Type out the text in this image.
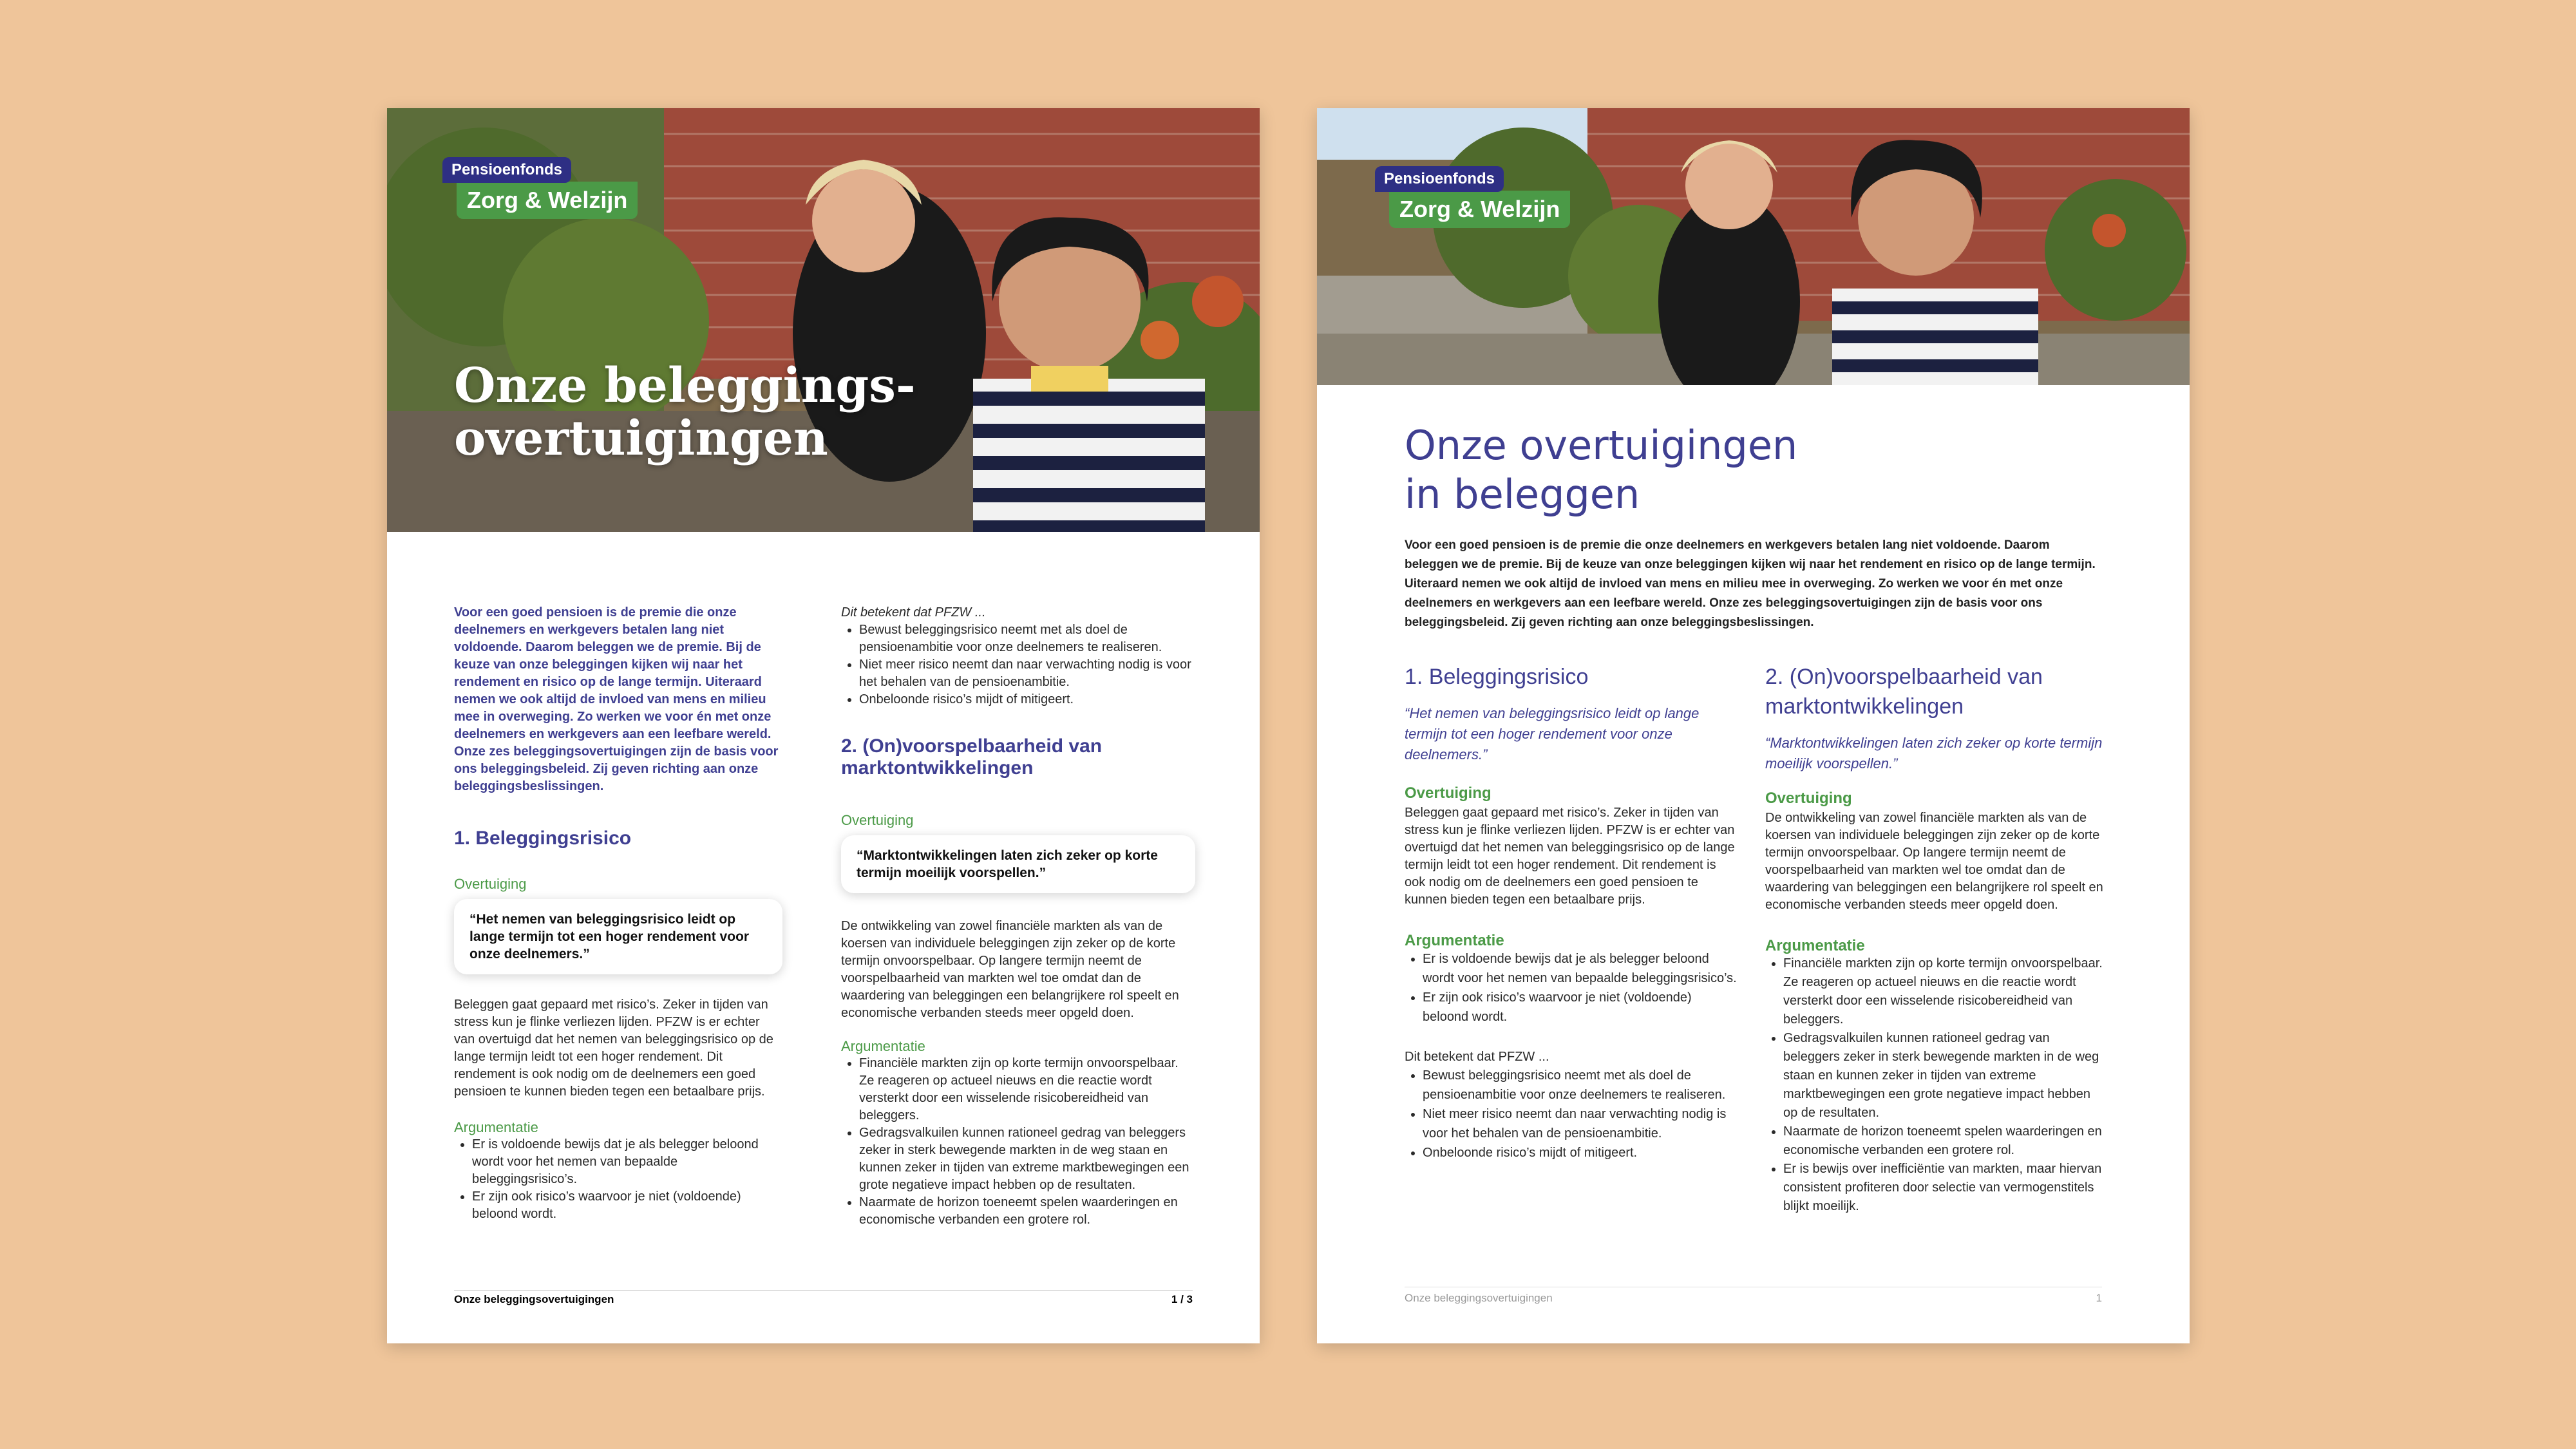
Onze beleggings-
overtuigingen
Pensioenfonds
Zorg & Welzijn
Voor een goed pensioen is de premie die onze deelnemers en werkgevers betalen lang niet voldoende. Daarom beleggen we de premie. Bij de keuze van onze beleggingen kijken wij naar het rendement en risico op de lange termijn. Uiteraard nemen we ook altijd de invloed van mens en milieu mee in overweging. Zo werken we voor én met onze deelnemers en werkgevers aan een leefbare wereld. Onze zes beleggingsovertuigingen zijn de basis voor ons beleggingsbeleid. Zij geven richting aan onze beleggingsbeslissingen.
1. Beleggingsrisico
Overtuiging
“Het nemen van beleggingsrisico leidt op lange termijn tot een hoger rendement voor onze deelnemers.”
Beleggen gaat gepaard met risico’s. Zeker in tijden van stress kun je flinke verliezen lijden. PFZW is er echter van overtuigd dat het nemen van beleggingsrisico op de lange termijn leidt tot een hoger rendement. Dit rendement is ook nodig om de deelnemers een goed pensioen te kunnen bieden tegen een betaalbare prijs.
Argumentatie
• Er is voldoende bewijs dat je als belegger beloond wordt voor het nemen van bepaalde beleggingsrisico’s.
• Er zijn ook risico’s waarvoor je niet (voldoende) beloond wordt.
Dit betekent dat PFZW ...
• Bewust beleggingsrisico neemt met als doel de pensioenambitie voor onze deelnemers te realiseren.
• Niet meer risico neemt dan naar verwachting nodig is voor het behalen van de pensioenambitie.
• Onbeloonde risico’s mijdt of mitigeert.
2. (On)voorspelbaarheid van
marktontwikkelingen
Overtuiging
“Marktontwikkelingen laten zich zeker op korte termijn moeilijk voorspellen.”
De ontwikkeling van zowel financiële markten als van de koersen van individuele beleggingen zijn zeker op de korte termijn onvoorspelbaar. Op langere termijn neemt de voorspelbaarheid van markten wel toe omdat dan de waardering van beleggingen een belangrijkere rol speelt en economische verbanden steeds meer opgeld doen.
Argumentatie
• Financiële markten zijn op korte termijn onvoorspelbaar. Ze reageren op actueel nieuws en die reactie wordt versterkt door een wisselende risicobereidheid van beleggers.
• Gedragsvalkuilen kunnen rationeel gedrag van beleggers zeker in sterk bewegende markten in de weg staan en kunnen zeker in tijden van extreme marktbewegingen een grote negatieve impact hebben op de resultaten.
• Naarmate de horizon toeneemt spelen waarderingen en economische verbanden een grotere rol.
Onze beleggingsovertuigingen	1 / 3
Pensioenfonds
Zorg & Welzijn
Onze overtuigingen
in beleggen
Voor een goed pensioen is de premie die onze deelnemers en werkgevers betalen lang niet voldoende. Daarom beleggen we de premie. Bij de keuze van onze beleggingen kijken wij naar het rendement en risico op de lange termijn. Uiteraard nemen we ook altijd de invloed van mens en milieu mee in overweging. Zo werken we voor én met onze deelnemers en werkgevers aan een leefbare wereld. Onze zes beleggingsovertuigingen zijn de basis voor ons beleggingsbeleid. Zij geven richting aan onze beleggingsbeslissingen.
1. Beleggingsrisico
“Het nemen van beleggingsrisico leidt op lange termijn tot een hoger rendement voor onze deelnemers.”
Overtuiging
Beleggen gaat gepaard met risico’s. Zeker in tijden van stress kun je flinke verliezen lijden. PFZW is er echter van overtuigd dat het nemen van beleggingsrisico op de lange termijn leidt tot een hoger rendement. Dit rendement is ook nodig om de deelnemers een goed pensioen te kunnen bieden tegen een betaalbare prijs.
Argumentatie
• Er is voldoende bewijs dat je als belegger beloond wordt voor het nemen van bepaalde beleggingsrisico’s.
• Er zijn ook risico’s waarvoor je niet (voldoende) beloond wordt.
Dit betekent dat PFZW ...
• Bewust beleggingsrisico neemt met als doel de pensioenambitie voor onze deelnemers te realiseren.
• Niet meer risico neemt dan naar verwachting nodig is voor het behalen van de pensioenambitie.
• Onbeloonde risico’s mijdt of mitigeert.
2. (On)voorspelbaarheid van
marktontwikkelingen
“Marktontwikkelingen laten zich zeker op korte termijn moeilijk voorspellen.”
Overtuiging
De ontwikkeling van zowel financiële markten als van de koersen van individuele beleggingen zijn zeker op de korte termijn onvoorspelbaar. Op langere termijn neemt de voorspelbaarheid van markten wel toe omdat dan de waardering van beleggingen een belangrijkere rol speelt en economische verbanden steeds meer opgeld doen.
Argumentatie
• Financiële markten zijn op korte termijn onvoorspelbaar. Ze reageren op actueel nieuws en die reactie wordt versterkt door een wisselende risicobereidheid van beleggers.
• Gedragsvalkuilen kunnen rationeel gedrag van beleggers zeker in sterk bewegende markten in de weg staan en kunnen zeker in tijden van extreme marktbewegingen een grote negatieve impact hebben op de resultaten.
• Naarmate de horizon toeneemt spelen waarderingen en economische verbanden een grotere rol.
• Er is bewijs over inefficiëntie van markten, maar hiervan consistent profiteren door selectie van vermogenstitels blijkt moeilijk.
Onze beleggingsovertuigingen	1
